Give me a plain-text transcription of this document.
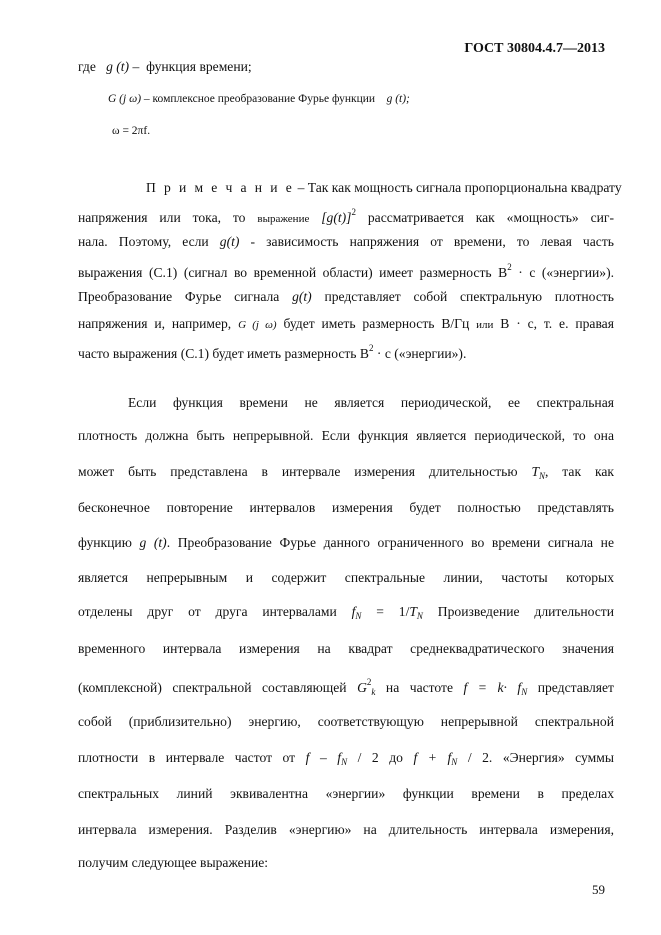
ГОСТ 30804.4.7—2013
где g (t) – функция времени;
G (j ω) – комплексное преобразование Фурье функции g (t);
ω = 2πf.
П р и м е ч а н и е – Так как мощность сигнала пропорциональна квадрату
напряжения или тока, то выражение $[g(t)]^2$ рассматривается как «мощность» сиг-
нала. Поэтому, если g(t) - зависимость напряжения от времени, то левая часть
выражения (С.1) (сигнал во временной области) имеет размерность $В^2 \cdot с$ («энергии»).
Преобразование Фурье сигнала g(t) представляет собой спектральную плотность
напряжения и, например, G (j ω) будет иметь размерность В/Гц или В · с, т. е. правая
часто выражения (С.1) будет иметь размерность $В^2 \cdot с$ («энергии»).
Если функция времени не является периодической, ее спектральная
плотность должна быть непрерывной. Если функция является периодической, то она
может быть представлена в интервале измерения длительностью $T_N$, так как
бесконечное повторение интервалов измерения будет полностью представлять
функцию g (t). Преобразование Фурье данного ограниченного во времени сигнала не
является непрерывным и содержит спектральные линии, частоты которых
отделены друг от друга интервалами $f_N = 1/T_N$ Произведение длительности
временного интервала измерения на квадрат среднеквадратического значения
(комплексной) спектральной составляющей $G^2_k$ на частоте $f = k\cdot f_N$ представляет
собой (приблизительно) энергию, соответствующую непрерывной спектральной
плотности в интервале частот от f – $f_N / 2$ до $f + f_N / 2$. «Энергия» суммы
спектральных линий эквивалентна «энергии» функции времени в пределах
интервала измерения. Разделив «энергию» на длительность интервала измерения,
получим следующее выражение:
59
